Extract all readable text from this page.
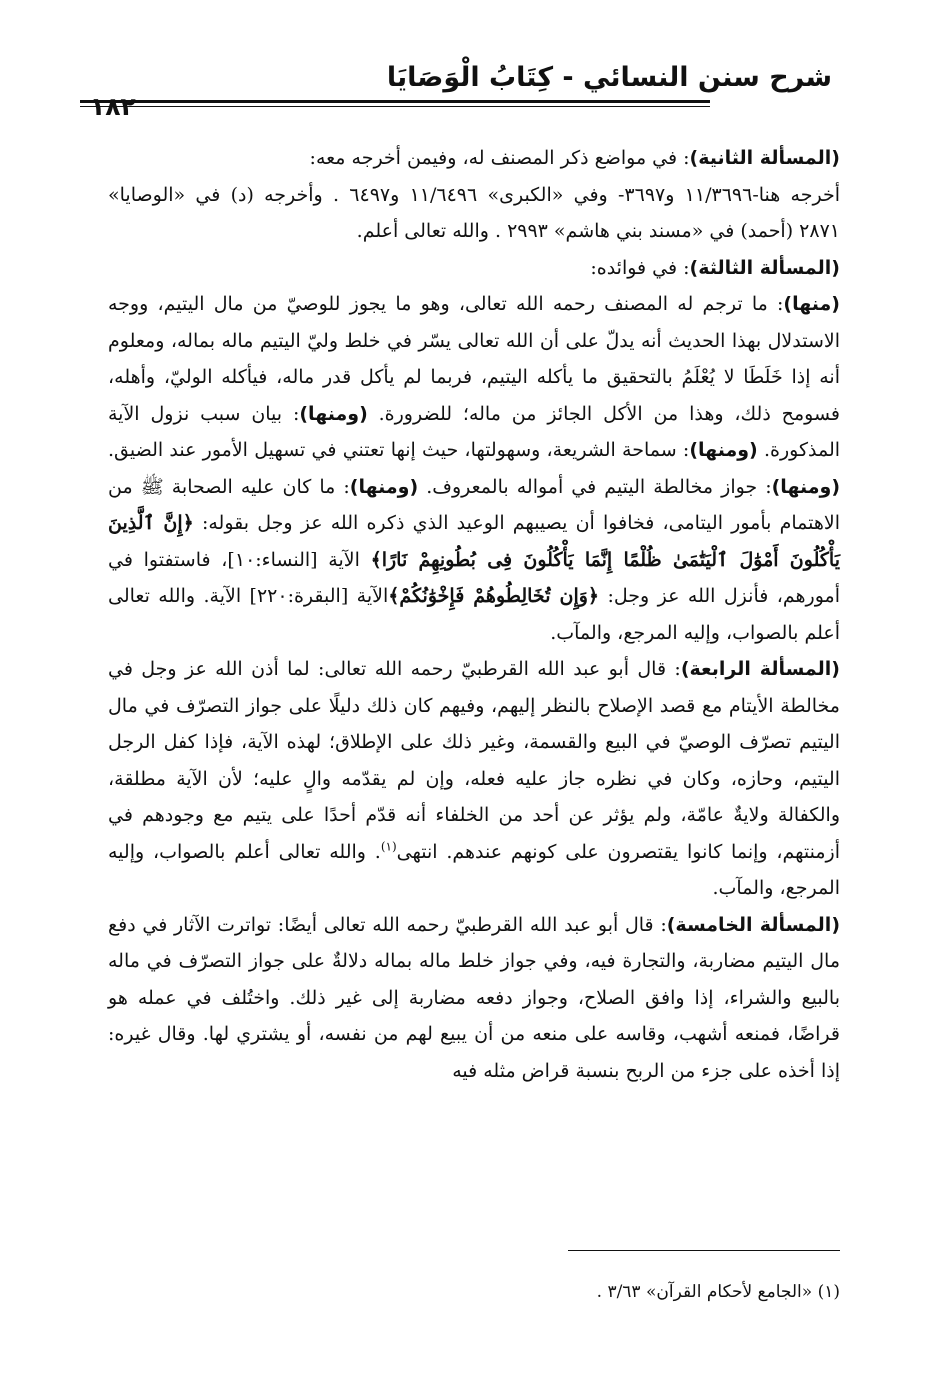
شرح سنن النسائي - كِتَابُ الْوَصَايَا
١٨٢

(المسألة الثانية): في مواضع ذكر المصنف له، وفيمن أخرجه معه:

أخرجه هنا-١١/٣٦٩٦ و٣٦٩٧- وفي «الكبرى» ١١/٦٤٩٦ و٦٤٩٧ . وأخرجه (د) في «الوصايا» ٢٨٧١ (أحمد) في «مسند بني هاشم» ٢٩٩٣ . والله تعالى أعلم.

(المسألة الثالثة): في فوائده:

(منها): ما ترجم له المصنف رحمه الله تعالى، وهو ما يجوز للوصيّ من مال اليتيم، ووجه الاستدلال بهذا الحديث أنه يدلّ على أن الله تعالى يسّر في خلط وليّ اليتيم ماله بماله، ومعلوم أنه إذا خَلَطَا لا يُعْلَمُ بالتحقيق ما يأكله اليتيم، فربما لم يأكل قدر ماله، فيأكله الوليّ، وأهله، فسومح ذلك، وهذا من الأكل الجائز من ماله؛ للضرورة. (ومنها): بيان سبب نزول الآية المذكورة. (ومنها): سماحة الشريعة، وسهولتها، حيث إنها تعتني في تسهيل الأمور عند الضيق. (ومنها): جواز مخالطة اليتيم في أمواله بالمعروف. (ومنها): ما كان عليه الصحابة ﷺ من الاهتمام بأمور اليتامى، فخافوا أن يصيبهم الوعيد الذي ذكره الله عز وجل بقوله: ﴿إِنَّ ٱلَّذِينَ يَأْكُلُونَ أَمْوَٰلَ ٱلْيَتَٰمَىٰ ظُلْمًا إِنَّمَا يَأْكُلُونَ فِى بُطُونِهِمْ نَارًا﴾ الآية [النساء:١٠]، فاستفتوا في أمورهم، فأنزل الله عز وجل: ﴿وَإِن تُخَالِطُوهُمْ فَإِخْوَٰنُكُمْ﴾الآية [البقرة:٢٢٠] الآية. والله تعالى أعلم بالصواب، وإليه المرجع، والمآب.

(المسألة الرابعة): قال أبو عبد الله القرطبيّ رحمه الله تعالى: لما أذن الله عز وجل في مخالطة الأيتام مع قصد الإصلاح بالنظر إليهم، وفيهم كان ذلك دليلًا على جواز التصرّف في مال اليتيم تصرّف الوصيّ في البيع والقسمة، وغير ذلك على الإطلاق؛ لهذه الآية، فإذا كفل الرجل اليتيم، وحازه، وكان في نظره جاز عليه فعله، وإن لم يقدّمه والٍ عليه؛ لأن الآية مطلقة، والكفالة ولايةٌ عامّة، ولم يؤثر عن أحد من الخلفاء أنه قدّم أحدًا على يتيم مع وجودهم في أزمنتهم، وإنما كانوا يقتصرون على كونهم عندهم. انتهى$^{(١)}$. والله تعالى أعلم بالصواب، وإليه المرجع، والمآب.

(المسألة الخامسة): قال أبو عبد الله القرطبيّ رحمه الله تعالى أيضًا: تواترت الآثار في دفع مال اليتيم مضاربة، والتجارة فيه، وفي جواز خلط ماله بماله دلالةٌ على جواز التصرّف في ماله بالبيع والشراء، إذا وافق الصلاح، وجواز دفعه مضاربة إلى غير ذلك. واختُلف في عمله هو قراضًا، فمنعه أشهب، وقاسه على منعه من أن يبيع لهم من نفسه، أو يشتري لها. وقال غيره: إذا أخذه على جزء من الربح بنسبة قراض مثله فيه

(١) «الجامع لأحكام القرآن» ٣/٦٣ .
